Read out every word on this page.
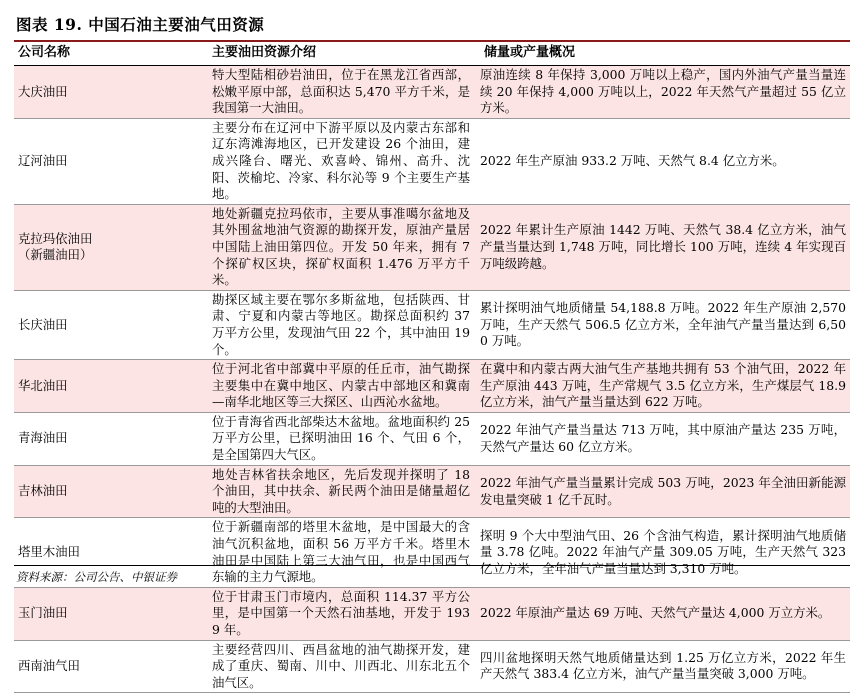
图表 19. 中国石油主要油气田资源
公司名称	主要油田资源介绍	储量或产量概况
大庆油田	特大型陆相砂岩油田，位于在黑龙江省西部，松嫩平原中部，总面积达 5,470 平方千米，是我国第一大油田。	原油连续 8 年保持 3,000 万吨以上稳产，国内外油气产量当量连续 20 年保持 4,000 万吨以上，2022 年天然气产量超过 55 亿立方米。
辽河油田	主要分布在辽河中下游平原以及内蒙古东部和辽东湾滩海地区，已开发建设 26 个油田，建成兴隆台、曙光、欢喜岭、锦州、高升、沈阳、茨榆坨、冷家、科尔沁等 9 个主要生产基地。	2022 年生产原油 933.2 万吨、天然气 8.4 亿立方米。
克拉玛依油田（新疆油田）	地处新疆克拉玛依市，主要从事准噶尔盆地及其外围盆地油气资源的勘探开发，原油产量居中国陆上油田第四位。开发 50 年来，拥有 7 个探矿权区块，探矿权面积 1.476 万平方千米。	2022 年累计生产原油 1442 万吨、天然气 38.4 亿立方米，油气产量当量达到 1,748 万吨，同比增长 100 万吨，连续 4 年实现百万吨级跨越。
长庆油田	勘探区域主要在鄂尔多斯盆地，包括陕西、甘肃、宁夏和内蒙古等地区。勘探总面积约 37 万平方公里，发现油气田 22 个，其中油田 19 个。	累计探明油气地质储量 54,188.8 万吨。2022 年生产原油 2,570 万吨，生产天然气 506.5 亿立方米，全年油气产量当量达到 6,500 万吨。
华北油田	位于河北省中部冀中平原的任丘市，油气勘探主要集中在冀中地区、内蒙古中部地区和冀南—南华北地区等三大探区、山西沁水盆地。	在冀中和内蒙古两大油气生产基地共拥有 53 个油气田，2022 年生产原油 443 万吨，生产常规气 3.5 亿立方米，生产煤层气 18.9 亿立方米，油气产量当量达到 622 万吨。
青海油田	位于青海省西北部柴达木盆地。盆地面积约 25 万平方公里，已探明油田 16 个、气田 6 个，是全国第四大气区。	2022 年油气产量当量达 713 万吨，其中原油产量达 235 万吨，天然气产量达 60 亿立方米。
吉林油田	地处吉林省扶余地区，先后发现并探明了 18 个油田，其中扶余、新民两个油田是储量超亿吨的大型油田。	2022 年油气产量当量累计完成 503 万吨，2023 年全油田新能源发电量突破 1 亿千瓦时。
塔里木油田	位于新疆南部的塔里木盆地，是中国最大的含油气沉积盆地，面积 56 万平方千米。塔里木油田是中国陆上第三大油气田，也是中国西气东输的主力气源地。	探明 9 个大中型油气田、26 个含油气构造，累计探明油气地质储量 3.78 亿吨。2022 年油气产量 309.05 万吨，生产天然气 323 亿立方米，全年油气产量当量达到 3,310 万吨。
玉门油田	位于甘肃玉门市境内，总面积 114.37 平方公里，是中国第一个天然石油基地，开发于 1939 年。	2022 年原油产量达 69 万吨、天然气产量达 4,000 万立方米。
西南油气田	主要经营四川、西昌盆地的油气勘探开发，建成了重庆、蜀南、川中、川西北、川东北五个油气区。	四川盆地探明天然气地质储量达到 1.25 万亿立方米，2022 年生产天然气 383.4 亿立方米，油气产量当量突破 3,000 万吨。
资料来源：公司公告、中银证券
